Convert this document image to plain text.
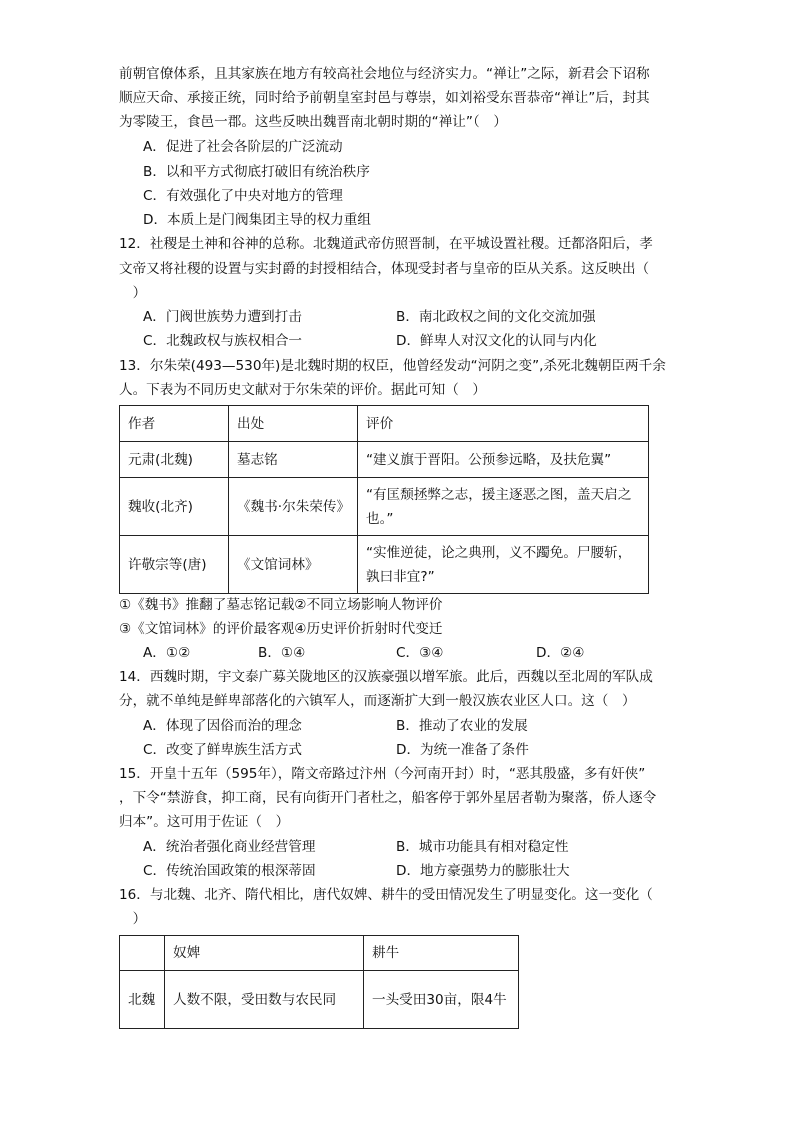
前朝官僚体系，且其家族在地方有较高社会地位与经济实力。“禅让”之际，新君会下诏称
顺应天命、承接正统，同时给予前朝皇室封邑与尊崇，如刘裕受东晋恭帝“禅让”后，封其
为零陵王，食邑一郡。这些反映出魏晋南北朝时期的“禅让”（　）
A．促进了社会各阶层的广泛流动
B．以和平方式彻底打破旧有统治秩序
C．有效强化了中央对地方的管理
D．本质上是门阀集团主导的权力重组
12．社稷是土神和谷神的总称。北魏道武帝仿照晋制，在平城设置社稷。迁都洛阳后，孝
文帝又将社稷的设置与实封爵的封授相结合，体现受封者与皇帝的臣从关系。这反映出（
　）
A．门阀世族势力遭到打击	B．南北政权之间的文化交流加强
C．北魏政权与族权相合一	D．鲜卑人对汉文化的认同与内化
13．尔朱荣(493—530年)是北魏时期的权臣，他曾经发动“河阴之变”,杀死北魏朝臣两千余
人。下表为不同历史文献对于尔朱荣的评价。据此可知（　）
作者	出处	评价
元肃(北魏)	墓志铭	“建义旗于晋阳。公预参远略，及扶危翼”
魏收(北齐)	《魏书·尔朱荣传》	“有匡颓拯弊之志，援主逐恶之图，盖天启之也。”
许敬宗等(唐)	《文馆词林》	“实惟逆徒，论之典刑，义不躅免。尸腰斩，孰曰非宜?”
①《魏书》推翻了墓志铭记载②不同立场影响人物评价
③《文馆词林》的评价最客观④历史评价折射时代变迁
A．①②	B．①④	C．③④	D．②④
14．西魏时期，宇文泰广募关陇地区的汉族豪强以增军旅。此后，西魏以至北周的军队成
分，就不单纯是鲜卑部落化的六镇军人，而逐渐扩大到一般汉族农业区人口。这（　）
A．体现了因俗而治的理念	B．推动了农业的发展
C．改变了鲜卑族生活方式	D．为统一准备了条件
15．开皇十五年（595年），隋文帝路过汴州（今河南开封）时，“恶其殷盛，多有奸侠”
，下令“禁游食，抑工商，民有向街开门者杜之，船客停于郭外星居者勒为聚落，侨人逐令
归本”。这可用于佐证（　）
A．统治者强化商业经营管理	B．城市功能具有相对稳定性
C．传统治国政策的根深蒂固	D．地方豪强势力的膨胀壮大
16．与北魏、北齐、隋代相比，唐代奴婢、耕牛的受田情况发生了明显变化。这一变化（
　）
	奴婢	耕牛
北魏	人数不限，受田数与农民同	一头受田30亩，限4牛
